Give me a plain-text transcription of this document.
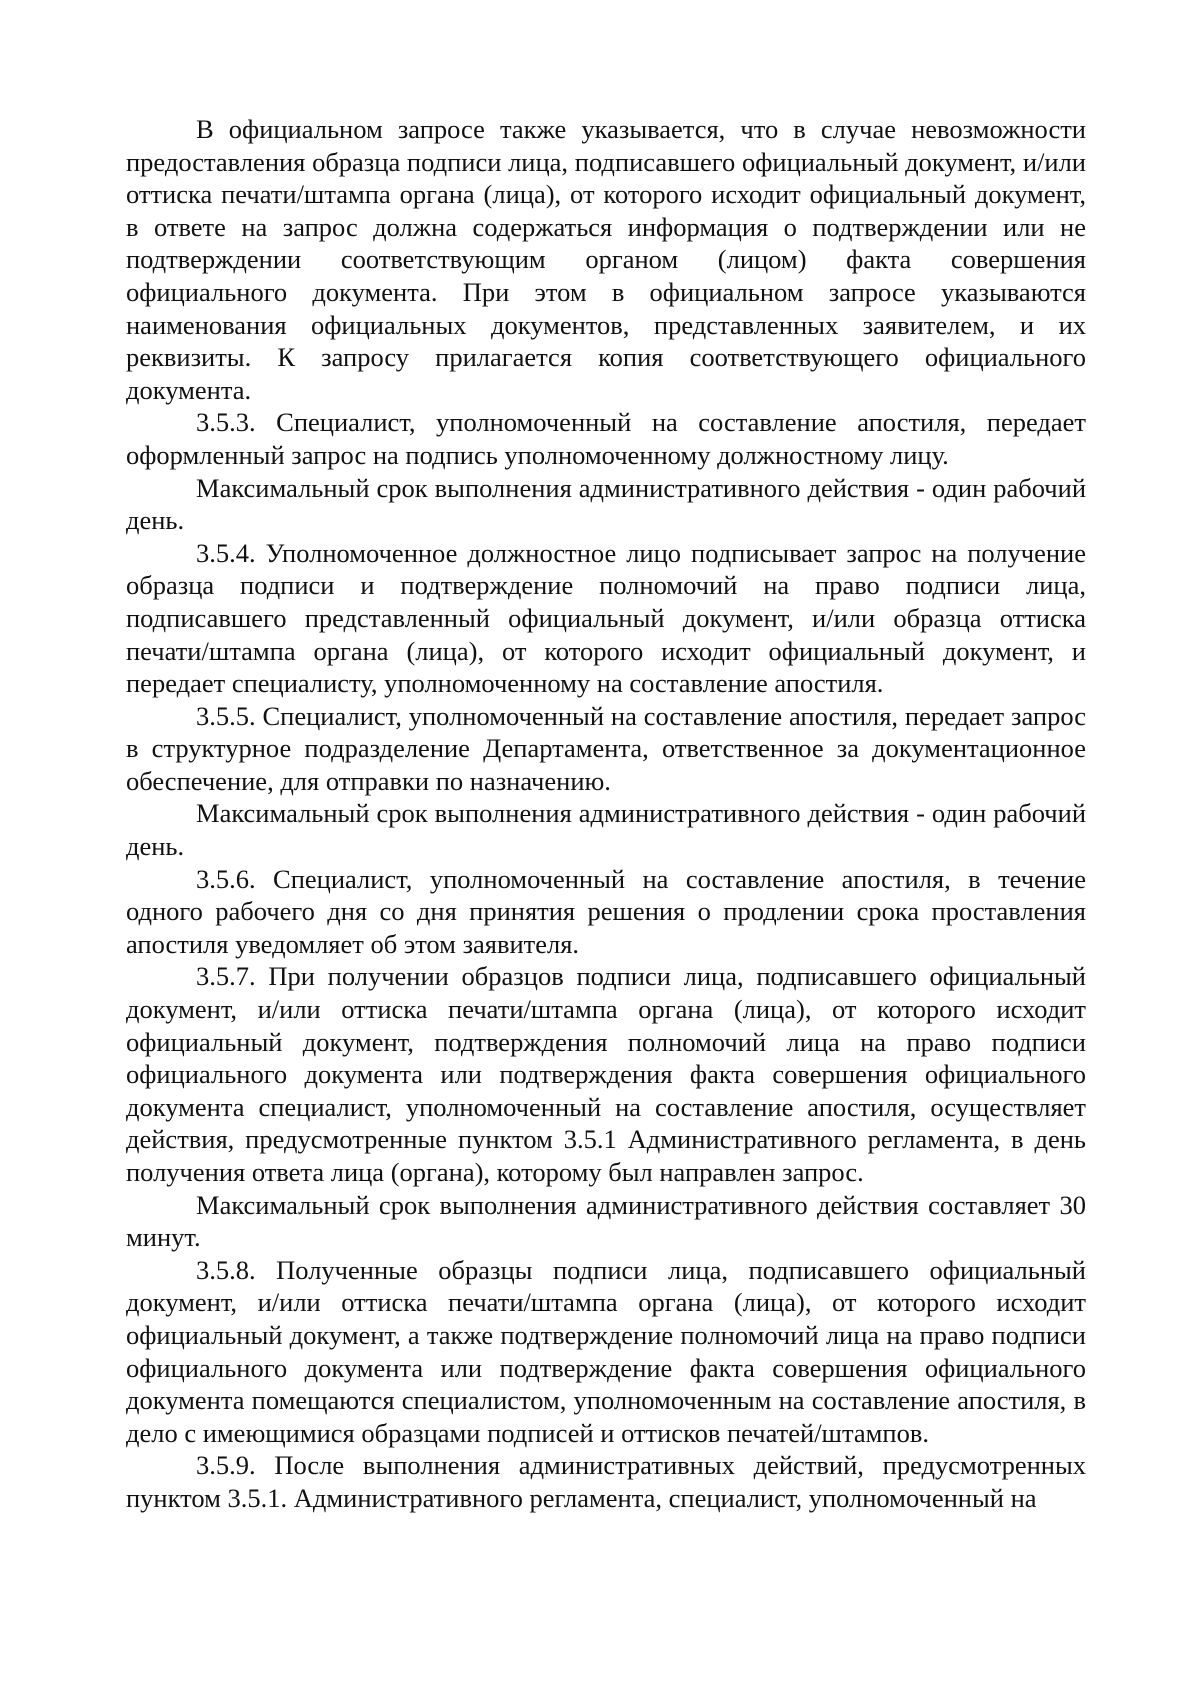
В официальном запросе также указывается, что в случае невозможности предоставления образца подписи лица, подписавшего официальный документ, и/или оттиска печати/штампа органа (лица), от которого исходит официальный документ, в ответе на запрос должна содержаться информация о подтверждении или не подтверждении соответствующим органом (лицом) факта совершения официального документа. При этом в официальном запросе указываются наименования официальных документов, представленных заявителем, и их реквизиты. К запросу прилагается копия соответствующего официального документа.

3.5.3. Специалист, уполномоченный на составление апостиля, передает оформленный запрос на подпись уполномоченному должностному лицу.

Максимальный срок выполнения административного действия - один рабочий день.

3.5.4. Уполномоченное должностное лицо подписывает запрос на получение образца подписи и подтверждение полномочий на право подписи лица, подписавшего представленный официальный документ, и/или образца оттиска печати/штампа органа (лица), от которого исходит официальный документ, и передает специалисту, уполномоченному на составление апостиля.

3.5.5. Специалист, уполномоченный на составление апостиля, передает запрос в структурное подразделение Департамента, ответственное за документационное обеспечение, для отправки по назначению.

Максимальный срок выполнения административного действия - один рабочий день.

3.5.6. Специалист, уполномоченный на составление апостиля, в течение одного рабочего дня со дня принятия решения о продлении срока проставления апостиля уведомляет об этом заявителя.

3.5.7. При получении образцов подписи лица, подписавшего официальный документ, и/или оттиска печати/штампа органа (лица), от которого исходит официальный документ, подтверждения полномочий лица на право подписи официального документа или подтверждения факта совершения официального документа специалист, уполномоченный на составление апостиля, осуществляет действия, предусмотренные пунктом 3.5.1 Административного регламента, в день получения ответа лица (органа), которому был направлен запрос.

Максимальный срок выполнения административного действия составляет 30 минут.

3.5.8. Полученные образцы подписи лица, подписавшего официальный документ, и/или оттиска печати/штампа органа (лица), от которого исходит официальный документ, а также подтверждение полномочий лица на право подписи официального документа или подтверждение факта совершения официального документа помещаются специалистом, уполномоченным на составление апостиля, в дело с имеющимися образцами подписей и оттисков печатей/штампов.

3.5.9. После выполнения административных действий, предусмотренных пунктом 3.5.1. Административного регламента, специалист, уполномоченный на
